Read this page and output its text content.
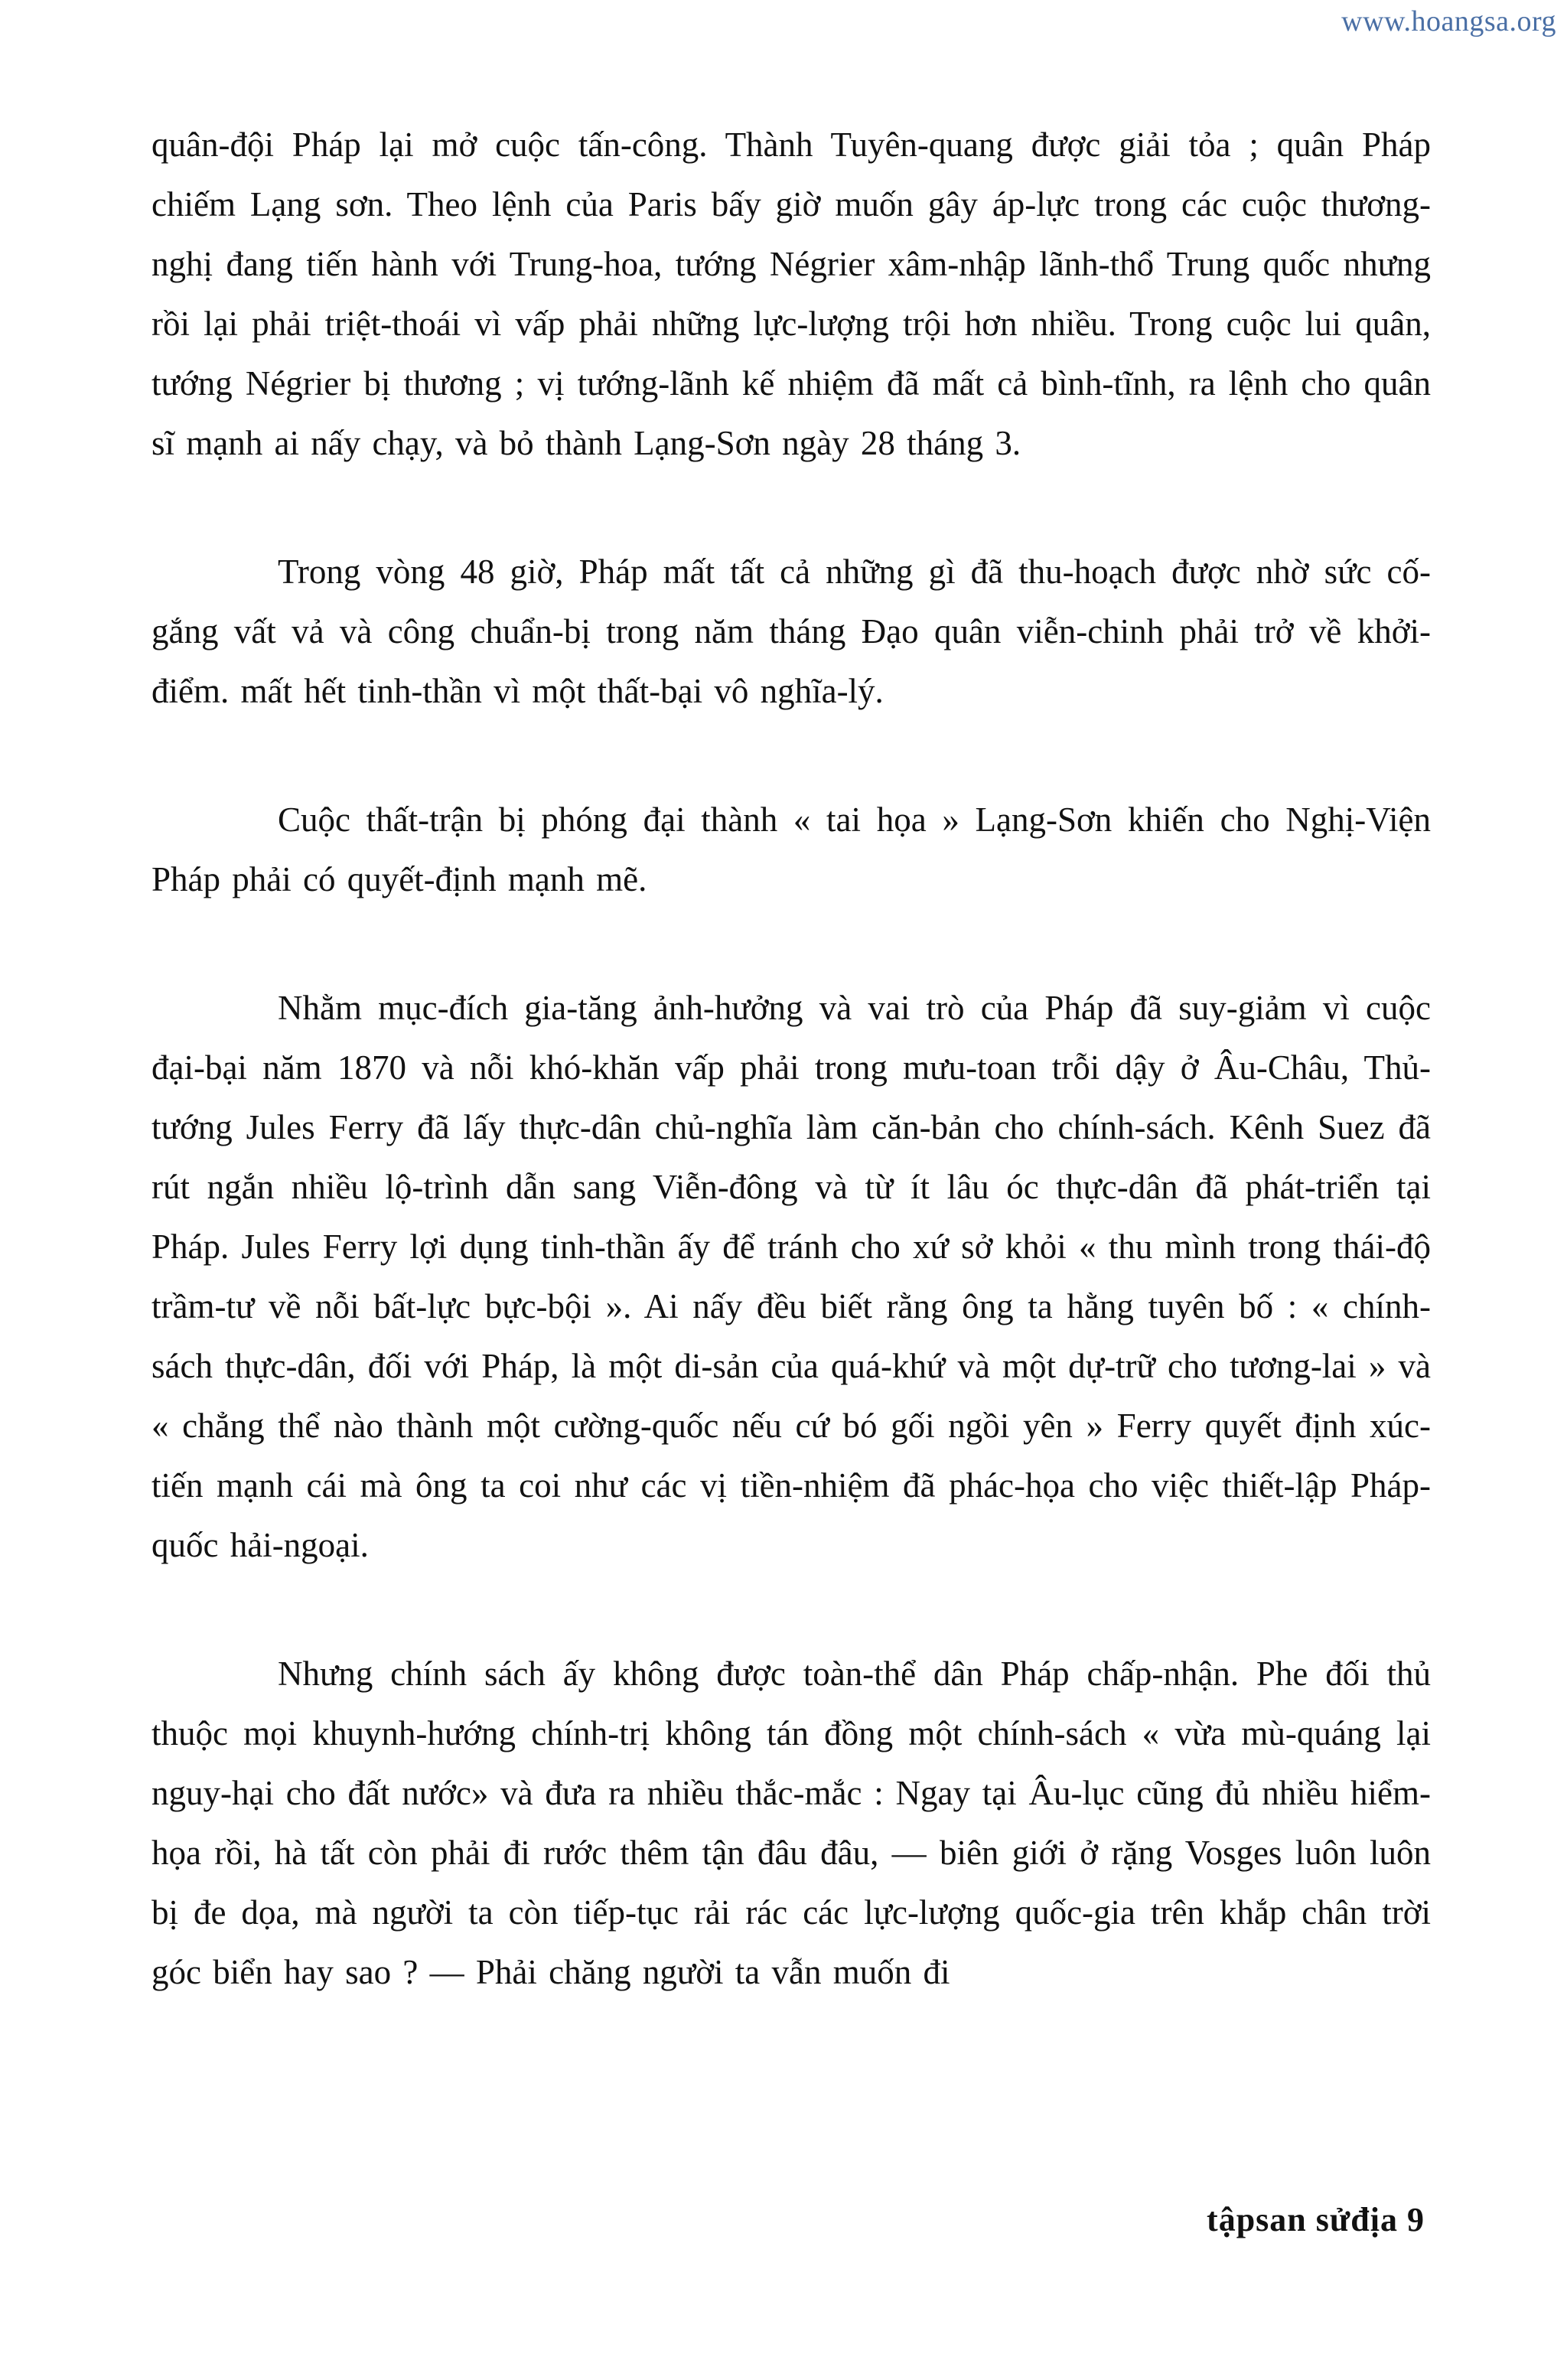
www.hoangsa.org

quân-đội Pháp lại mở cuộc tấn-công. Thành Tuyên-quang được giải tỏa ; quân Pháp chiếm Lạng sơn. Theo lệnh của Paris bấy giờ muốn gây áp-lực trong các cuộc thương-nghị đang tiến hành với Trung-hoa, tướng Négrier xâm-nhập lãnh-thổ Trung quốc nhưng rồi lại phải triệt-thoái vì vấp phải những lực-lượng trội hơn nhiều. Trong cuộc lui quân, tướng Négrier bị thương ; vị tướng-lãnh kế nhiệm đã mất cả bình-tĩnh, ra lệnh cho quân sĩ mạnh ai nấy chạy, và bỏ thành Lạng-Sơn ngày 28 tháng 3.

Trong vòng 48 giờ, Pháp mất tất cả những gì đã thu-hoạch được nhờ sức cố-gắng vất vả và công chuẩn-bị trong năm tháng Đạo quân viễn-chinh phải trở về khởi-điểm. mất hết tinh-thần vì một thất-bại vô nghĩa-lý.

Cuộc thất-trận bị phóng đại thành « tai họa » Lạng-Sơn khiến cho Nghị-Viện Pháp phải có quyết-định mạnh mẽ.

Nhằm mục-đích gia-tăng ảnh-hưởng và vai trò của Pháp đã suy-giảm vì cuộc đại-bại năm 1870 và nỗi khó-khăn vấp phải trong mưu-toan trỗi dậy ở Âu-Châu, Thủ-tướng Jules Ferry đã lấy thực-dân chủ-nghĩa làm căn-bản cho chính-sách. Kênh Suez đã rút ngắn nhiều lộ-trình dẫn sang Viễn-đông và từ ít lâu óc thực-dân đã phát-triển tại Pháp. Jules Ferry lợi dụng tinh-thần ấy để tránh cho xứ sở khỏi « thu mình trong thái-độ trầm-tư về nỗi bất-lực bực-bội ». Ai nấy đều biết rằng ông ta hằng tuyên bố : « chính-sách thực-dân, đối với Pháp, là một di-sản của quá-khứ và một dự-trữ cho tương-lai » và « chẳng thể nào thành một cường-quốc nếu cứ bó gối ngồi yên » Ferry quyết định xúc-tiến mạnh cái mà ông ta coi như các vị tiền-nhiệm đã phác-họa cho việc thiết-lập Pháp-quốc hải-ngoại.

Nhưng chính sách ấy không được toàn-thể dân Pháp chấp-nhận. Phe đối thủ thuộc mọi khuynh-hướng chính-trị không tán đồng một chính-sách « vừa mù-quáng lại nguy-hại cho đất nước» và đưa ra nhiều thắc-mắc : Ngay tại Âu-lục cũng đủ nhiều hiểm-họa rồi, hà tất còn phải đi rước thêm tận đâu đâu, — biên giới ở rặng Vosges luôn luôn bị đe dọa, mà người ta còn tiếp-tục rải rác các lực-lượng quốc-gia trên khắp chân trời góc biển hay sao ? — Phải chăng người ta vẫn muốn đi

tậpsan sửđịa 9
